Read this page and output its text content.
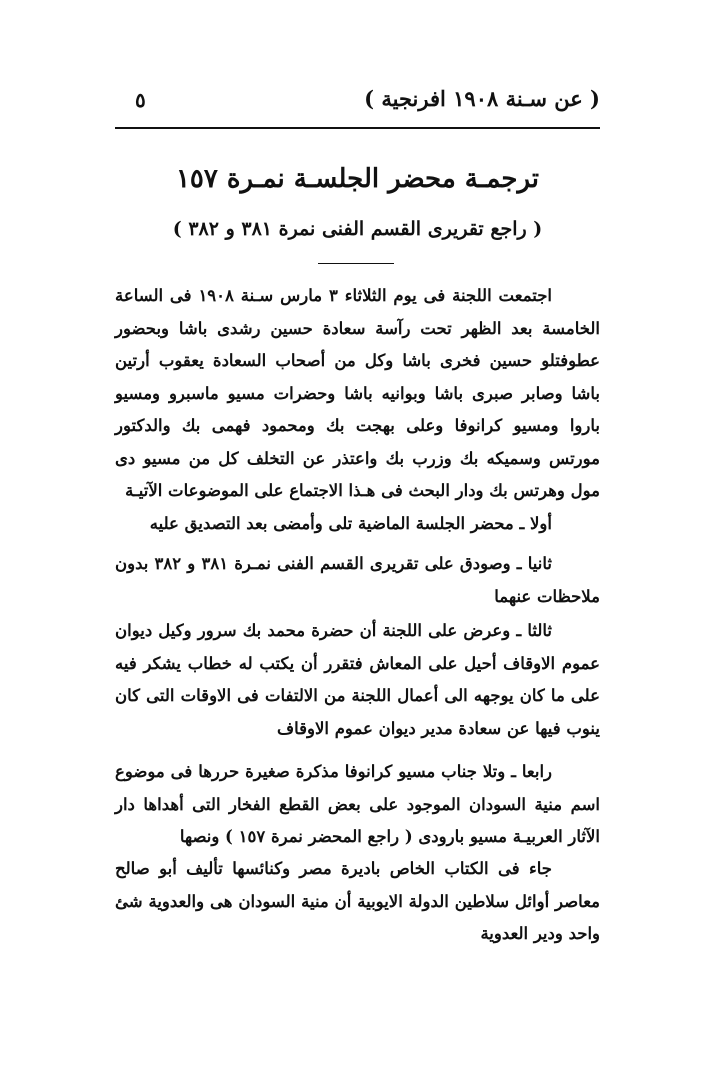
( عن سـنة ١٩٠٨ افرنجية )
٥
ترجمـة محضر الجلسـة نمـرة ١٥٧
( راجع تقريرى القسم الفنى نمرة ٣٨١ و ٣٨٢ )

اجتمعت اللجنة فى يوم الثلاثاء ٣ مارس سـنة ١٩٠٨ فى الساعة الخامسة بعد الظهر تحت رآسة سعادة حسين رشدى باشا وبحضور عطوفتلو حسين فخرى باشا وكل من أصحاب السعادة يعقوب أرتين باشا وصابر صبرى باشا وبوانيه باشا وحضرات مسيو ماسبرو ومسيو باروا ومسيو كرانوفا وعلى بهجت بك ومحمود فهمى بك والدكتور مورتس وسميكه بك وزرب بك واعتذر عن التخلف كل من مسيو دى مول وهرتس بك ودار البحث فى هـذا الاجتماع على الموضوعات الآتيـة

أولا ـ محضر الجلسة الماضية تلى وأمضى بعد التصديق عليه

ثانيا ـ وصودق على تقريرى القسم الفنى نمـرة ٣٨١ و ٣٨٢ بدون ملاحظات عنهما

ثالثا ـ وعرض على اللجنة أن حضرة محمد بك سرور وكيل ديوان عموم الاوقاف أحيل على المعاش فتقرر أن يكتب له خطاب يشكر فيه على ما كان يوجهه الى أعمال اللجنة من الالتفات فى الاوقات التى كان ينوب فيها عن سعادة مدير ديوان عموم الاوقاف

رابعا ـ وتلا جناب مسيو كرانوفا مذكرة صغيرة حررها فى موضوع اسم منية السودان الموجود على بعض القطع الفخار التى أهداها دار الآثار العربيـة مسيو بارودى ( راجع المحضر نمرة ١٥٧ ) ونصها

جاء فى الكتاب الخاص باديرة مصر وكنائسها تأليف أبو صالح معاصر أوائل سلاطين الدولة الايوبية أن منية السودان هى والعدوية شئ واحد ودير العدوية
